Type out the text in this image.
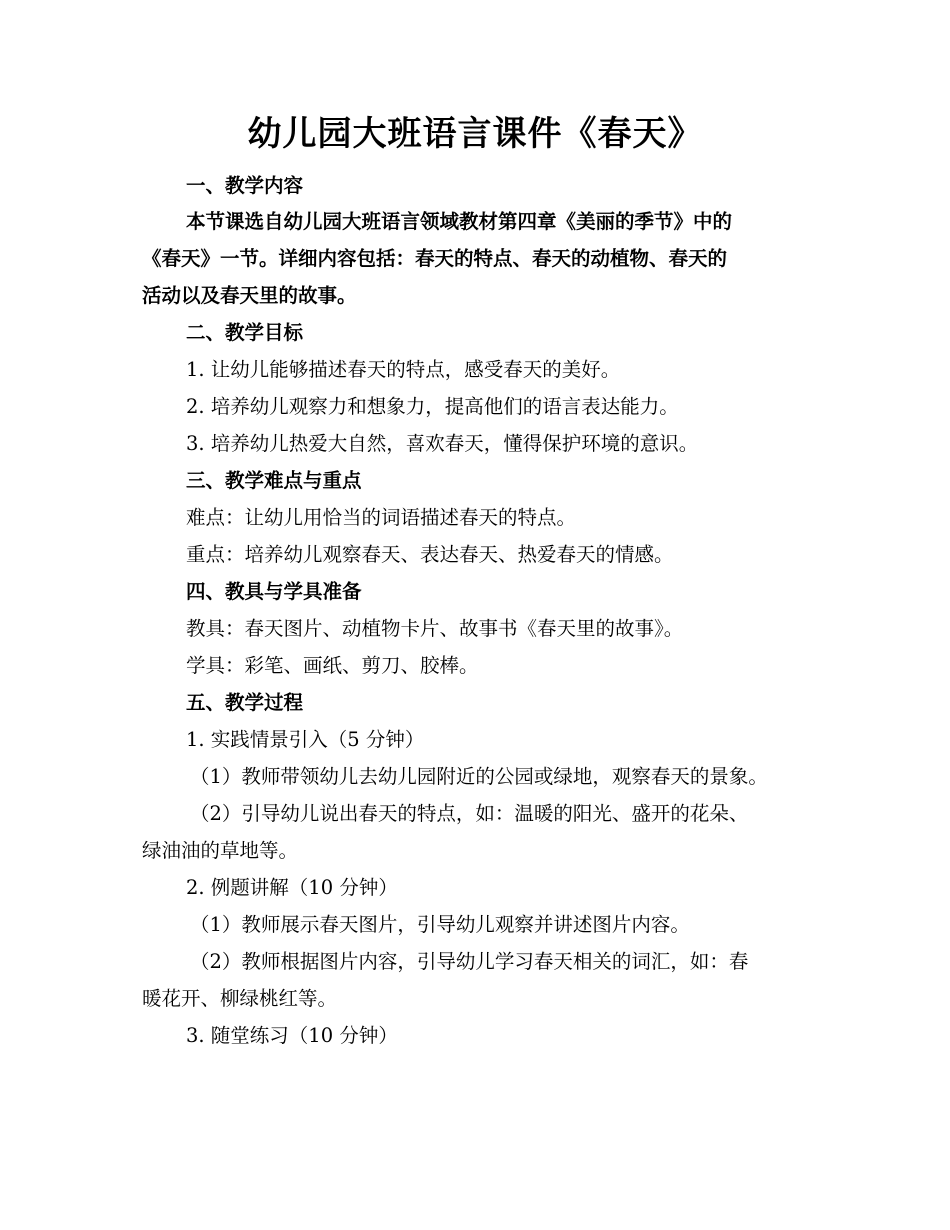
幼儿园大班语言课件《春天》
一、教学内容
本节课选自幼儿园大班语言领域教材第四章《美丽的季节》中的
《春天》一节。详细内容包括：春天的特点、春天的动植物、春天的
活动以及春天里的故事。
二、教学目标
1. 让幼儿能够描述春天的特点，感受春天的美好。
2. 培养幼儿观察力和想象力，提高他们的语言表达能力。
3. 培养幼儿热爱大自然，喜欢春天，懂得保护环境的意识。
三、教学难点与重点
难点：让幼儿用恰当的词语描述春天的特点。
重点：培养幼儿观察春天、表达春天、热爱春天的情感。
四、教具与学具准备
教具：春天图片、动植物卡片、故事书《春天里的故事》。
学具：彩笔、画纸、剪刀、胶棒。
五、教学过程
1. 实践情景引入（5 分钟）
（1）教师带领幼儿去幼儿园附近的公园或绿地，观察春天的景象。
（2）引导幼儿说出春天的特点，如：温暖的阳光、盛开的花朵、
绿油油的草地等。
2. 例题讲解（10 分钟）
（1）教师展示春天图片，引导幼儿观察并讲述图片内容。
（2）教师根据图片内容，引导幼儿学习春天相关的词汇，如：春
暖花开、柳绿桃红等。
3. 随堂练习（10 分钟）
